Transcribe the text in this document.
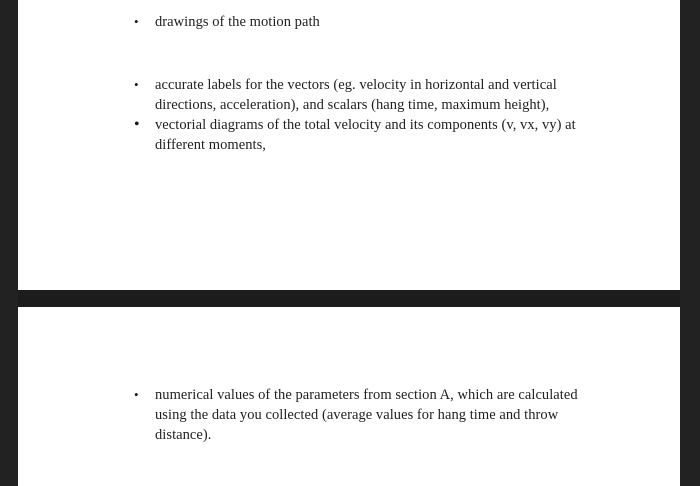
• drawings of the motion path
• accurate labels for the vectors (eg. velocity in horizontal and vertical directions, acceleration), and scalars (hang time, maximum height),
• vectorial diagrams of the total velocity and its components (v, vx, vy) at different moments,
• numerical values of the parameters from section A, which are calculated using the data you collected (average values for hang time and throw distance).
